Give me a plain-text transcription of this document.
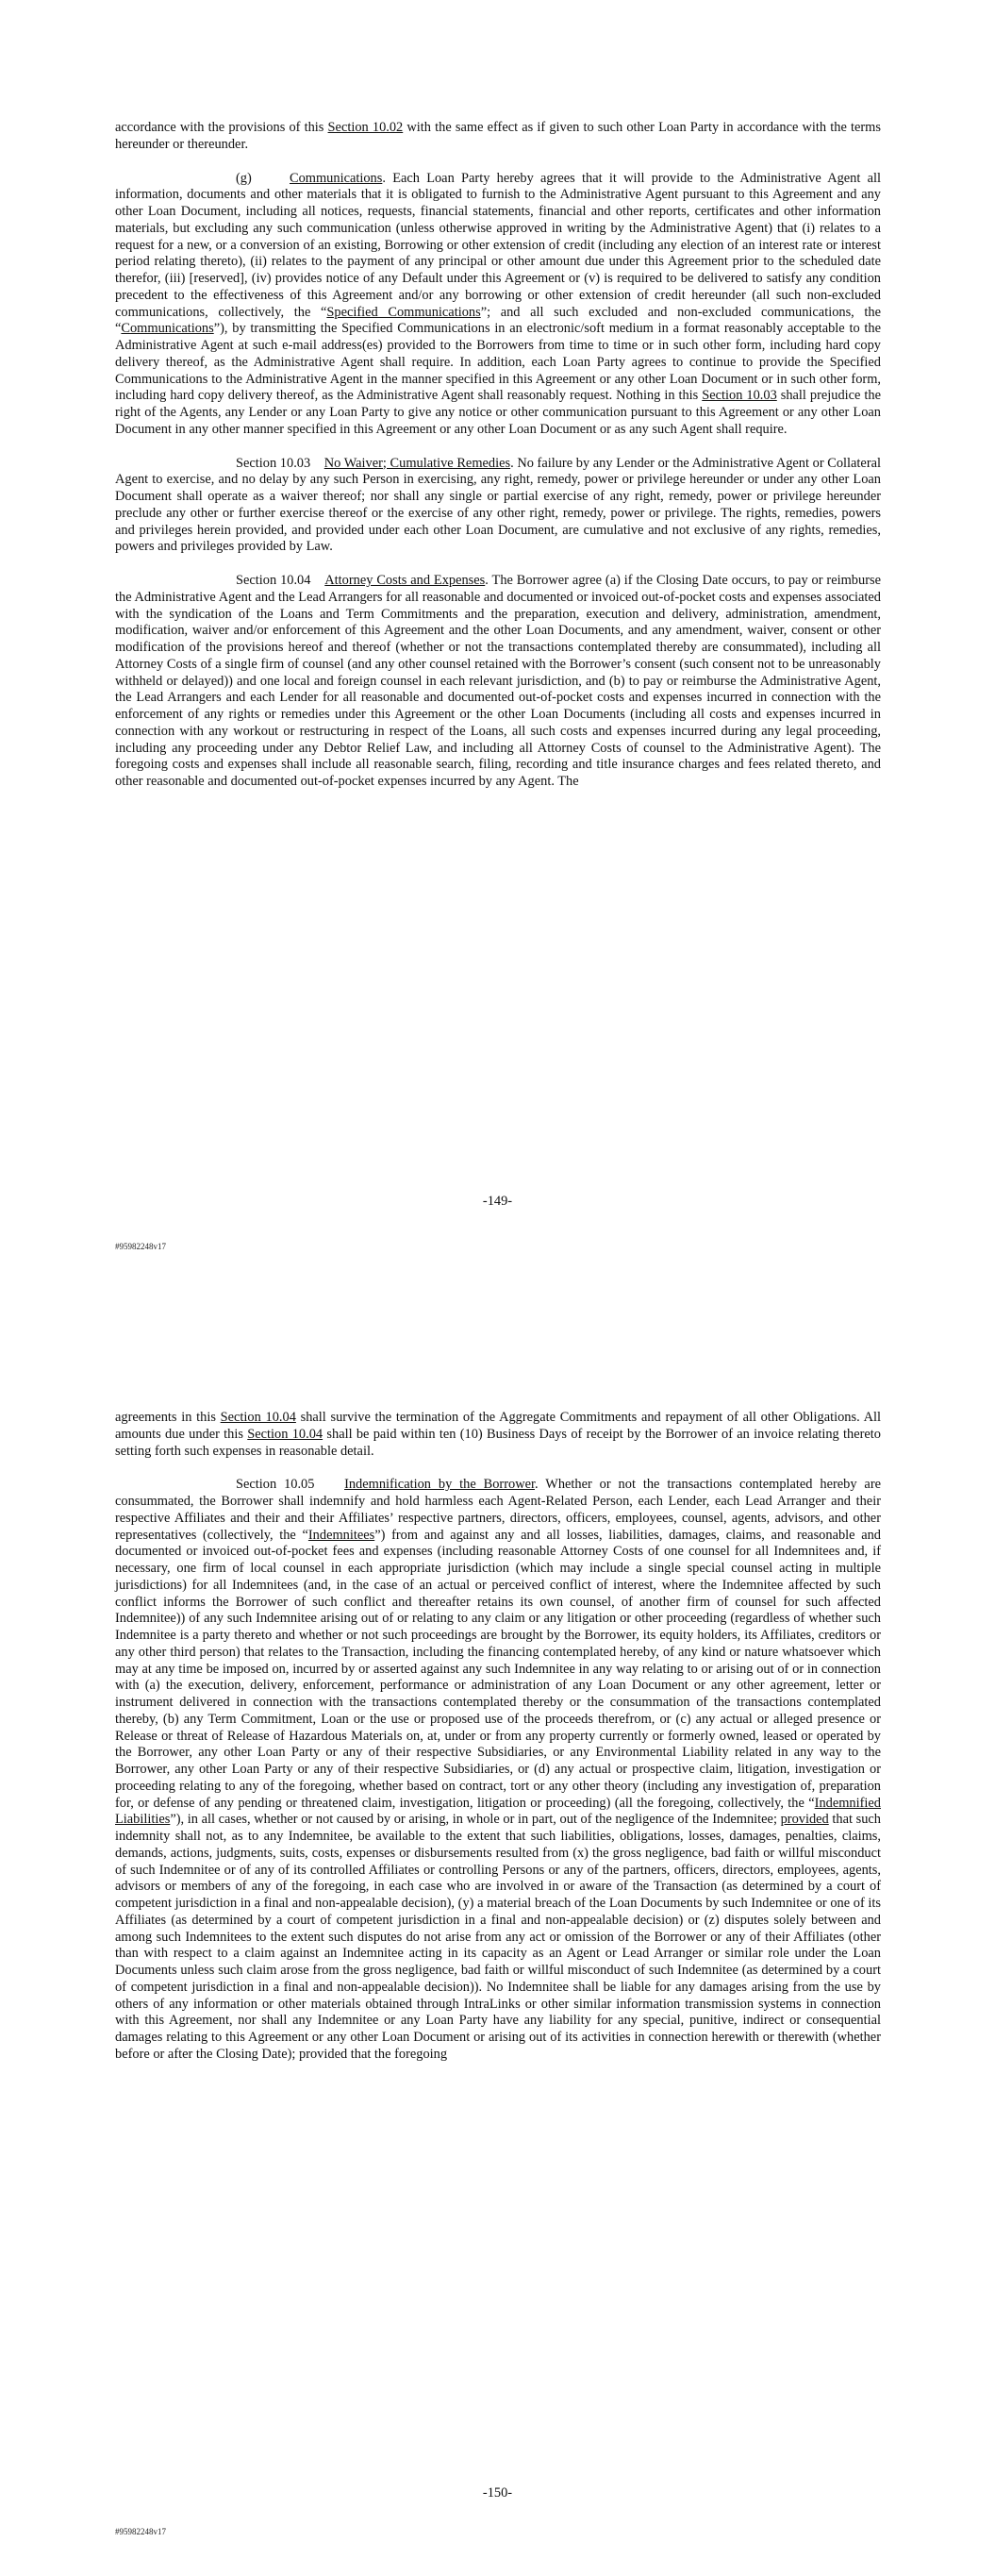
accordance with the provisions of this Section 10.02 with the same effect as if given to such other Loan Party in accordance with the terms hereunder or thereunder.

(g)	Communications. Each Loan Party hereby agrees that it will provide to the Administrative Agent all information, documents and other materials that it is obligated to furnish to the Administrative Agent pursuant to this Agreement and any other Loan Document, including all notices, requests, financial statements, financial and other reports, certificates and other information materials, but excluding any such communication (unless otherwise approved in writing by the Administrative Agent) that (i) relates to a request for a new, or a conversion of an existing, Borrowing or other extension of credit (including any election of an interest rate or interest period relating thereto), (ii) relates to the payment of any principal or other amount due under this Agreement prior to the scheduled date therefor, (iii) [reserved], (iv) provides notice of any Default under this Agreement or (v) is required to be delivered to satisfy any condition precedent to the effectiveness of this Agreement and/or any borrowing or other extension of credit hereunder (all such non-excluded communications, collectively, the “Specified Communications”; and all such excluded and non-excluded communications, the “Communications”), by transmitting the Specified Communications in an electronic/soft medium in a format reasonably acceptable to the Administrative Agent at such e-mail address(es) provided to the Borrowers from time to time or in such other form, including hard copy delivery thereof, as the Administrative Agent shall require. In addition, each Loan Party agrees to continue to provide the Specified Communications to the Administrative Agent in the manner specified in this Agreement or any other Loan Document or in such other form, including hard copy delivery thereof, as the Administrative Agent shall reasonably request. Nothing in this Section 10.03 shall prejudice the right of the Agents, any Lender or any Loan Party to give any notice or other communication pursuant to this Agreement or any other Loan Document in any other manner specified in this Agreement or any other Loan Document or as any such Agent shall require.

Section 10.03 No Waiver; Cumulative Remedies. No failure by any Lender or the Administrative Agent or Collateral Agent to exercise, and no delay by any such Person in exercising, any right, remedy, power or privilege hereunder or under any other Loan Document shall operate as a waiver thereof; nor shall any single or partial exercise of any right, remedy, power or privilege hereunder preclude any other or further exercise thereof or the exercise of any other right, remedy, power or privilege. The rights, remedies, powers and privileges herein provided, and provided under each other Loan Document, are cumulative and not exclusive of any rights, remedies, powers and privileges provided by Law.

Section 10.04 Attorney Costs and Expenses. The Borrower agree (a) if the Closing Date occurs, to pay or reimburse the Administrative Agent and the Lead Arrangers for all reasonable and documented or invoiced out-of-pocket costs and expenses associated with the syndication of the Loans and Term Commitments and the preparation, execution and delivery, administration, amendment, modification, waiver and/or enforcement of this Agreement and the other Loan Documents, and any amendment, waiver, consent or other modification of the provisions hereof and thereof (whether or not the transactions contemplated thereby are consummated), including all Attorney Costs of a single firm of counsel (and any other counsel retained with the Borrower’s consent (such consent not to be unreasonably withheld or delayed)) and one local and foreign counsel in each relevant jurisdiction, and (b) to pay or reimburse the Administrative Agent, the Lead Arrangers and each Lender for all reasonable and documented out-of-pocket costs and expenses incurred in connection with the enforcement of any rights or remedies under this Agreement or the other Loan Documents (including all costs and expenses incurred in connection with any workout or restructuring in respect of the Loans, all such costs and expenses incurred during any legal proceeding, including any proceeding under any Debtor Relief Law, and including all Attorney Costs of counsel to the Administrative Agent). The foregoing costs and expenses shall include all reasonable search, filing, recording and title insurance charges and fees related thereto, and other reasonable and documented out-of-pocket expenses incurred by any Agent. The

-149-
#95982248v17

agreements in this Section 10.04 shall survive the termination of the Aggregate Commitments and repayment of all other Obligations. All amounts due under this Section 10.04 shall be paid within ten (10) Business Days of receipt by the Borrower of an invoice relating thereto setting forth such expenses in reasonable detail.

Section 10.05 Indemnification by the Borrower. Whether or not the transactions contemplated hereby are consummated, the Borrower shall indemnify and hold harmless each Agent-Related Person, each Lender, each Lead Arranger and their respective Affiliates and their and their Affiliates’ respective partners, directors, officers, employees, counsel, agents, advisors, and other representatives (collectively, the “Indemnitees”) from and against any and all losses, liabilities, damages, claims, and reasonable and documented or invoiced out-of-pocket fees and expenses (including reasonable Attorney Costs of one counsel for all Indemnitees and, if necessary, one firm of local counsel in each appropriate jurisdiction (which may include a single special counsel acting in multiple jurisdictions) for all Indemnitees (and, in the case of an actual or perceived conflict of interest, where the Indemnitee affected by such conflict informs the Borrower of such conflict and thereafter retains its own counsel, of another firm of counsel for such affected Indemnitee)) of any such Indemnitee arising out of or relating to any claim or any litigation or other proceeding (regardless of whether such Indemnitee is a party thereto and whether or not such proceedings are brought by the Borrower, its equity holders, its Affiliates, creditors or any other third person) that relates to the Transaction, including the financing contemplated hereby, of any kind or nature whatsoever which may at any time be imposed on, incurred by or asserted against any such Indemnitee in any way relating to or arising out of or in connection with (a) the execution, delivery, enforcement, performance or administration of any Loan Document or any other agreement, letter or instrument delivered in connection with the transactions contemplated thereby or the consummation of the transactions contemplated thereby, (b) any Term Commitment, Loan or the use or proposed use of the proceeds therefrom, or (c) any actual or alleged presence or Release or threat of Release of Hazardous Materials on, at, under or from any property currently or formerly owned, leased or operated by the Borrower, any other Loan Party or any of their respective Subsidiaries, or any Environmental Liability related in any way to the Borrower, any other Loan Party or any of their respective Subsidiaries, or (d) any actual or prospective claim, litigation, investigation or proceeding relating to any of the foregoing, whether based on contract, tort or any other theory (including any investigation of, preparation for, or defense of any pending or threatened claim, investigation, litigation or proceeding) (all the foregoing, collectively, the “Indemnified Liabilities”), in all cases, whether or not caused by or arising, in whole or in part, out of the negligence of the Indemnitee; provided that such indemnity shall not, as to any Indemnitee, be available to the extent that such liabilities, obligations, losses, damages, penalties, claims, demands, actions, judgments, suits, costs, expenses or disbursements resulted from (x) the gross negligence, bad faith or willful misconduct of such Indemnitee or of any of its controlled Affiliates or controlling Persons or any of the partners, officers, directors, employees, agents, advisors or members of any of the foregoing, in each case who are involved in or aware of the Transaction (as determined by a court of competent jurisdiction in a final and non-appealable decision), (y) a material breach of the Loan Documents by such Indemnitee or one of its Affiliates (as determined by a court of competent jurisdiction in a final and non-appealable decision) or (z) disputes solely between and among such Indemnitees to the extent such disputes do not arise from any act or omission of the Borrower or any of their Affiliates (other than with respect to a claim against an Indemnitee acting in its capacity as an Agent or Lead Arranger or similar role under the Loan Documents unless such claim arose from the gross negligence, bad faith or willful misconduct of such Indemnitee (as determined by a court of competent jurisdiction in a final and non-appealable decision)). No Indemnitee shall be liable for any damages arising from the use by others of any information or other materials obtained through IntraLinks or other similar information transmission systems in connection with this Agreement, nor shall any Indemnitee or any Loan Party have any liability for any special, punitive, indirect or consequential damages relating to this Agreement or any other Loan Document or arising out of its activities in connection herewith or therewith (whether before or after the Closing Date); provided that the foregoing

-150-
#95982248v17
